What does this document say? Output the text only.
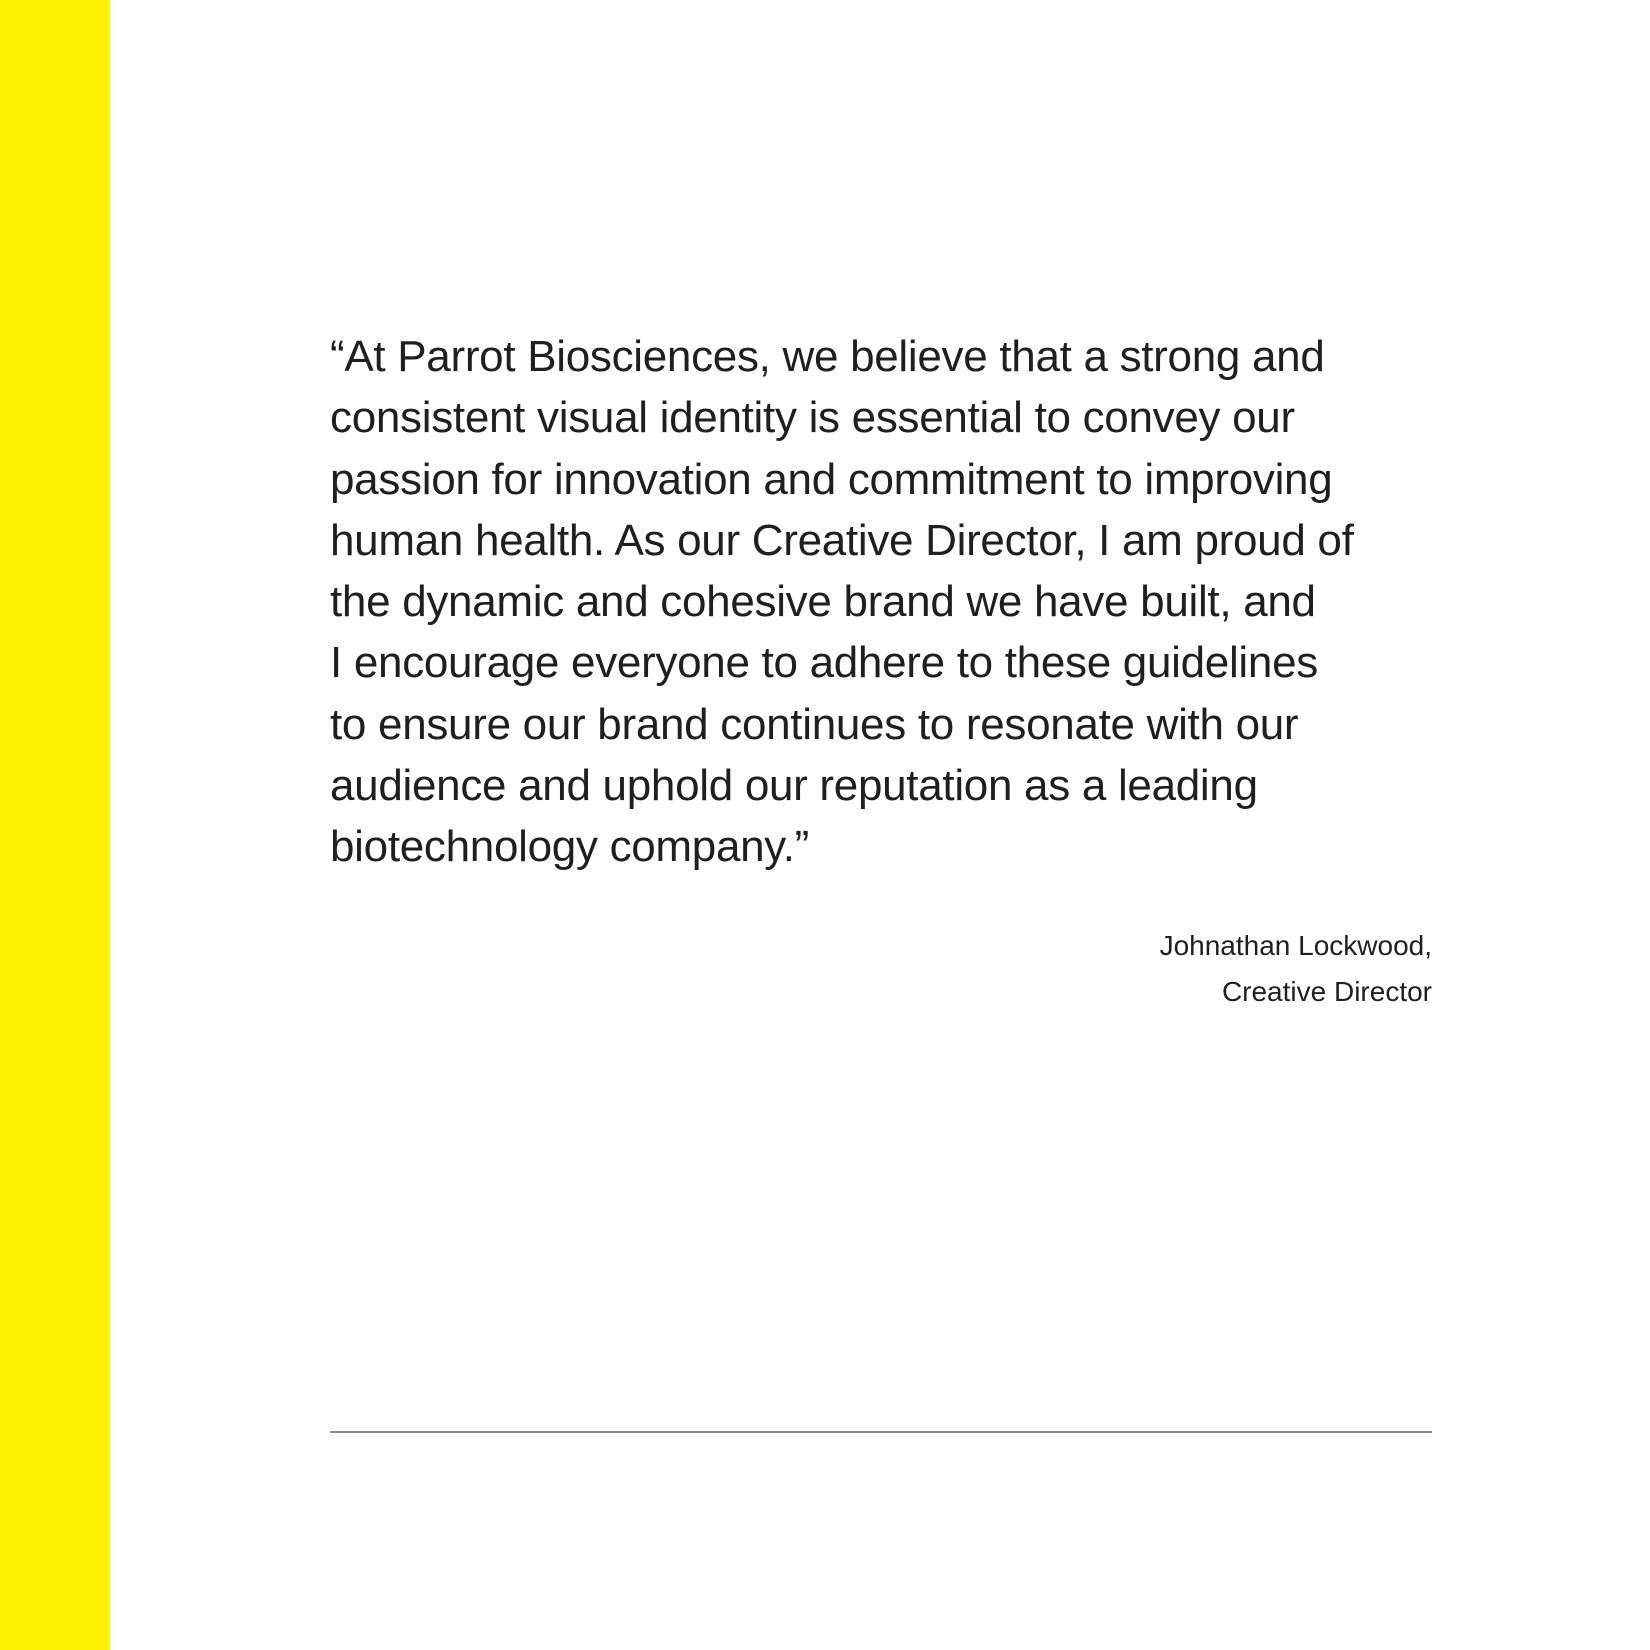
“At Parrot Biosciences, we believe that a strong and
consistent visual identity is essential to convey our
passion for innovation and commitment to improving
human health. As our Creative Director, I am proud of
the dynamic and cohesive brand we have built, and
I encourage everyone to adhere to these guidelines
to ensure our brand continues to resonate with our
audience and uphold our reputation as a leading
biotechnology company.”

Johnathan Lockwood,
Creative Director
